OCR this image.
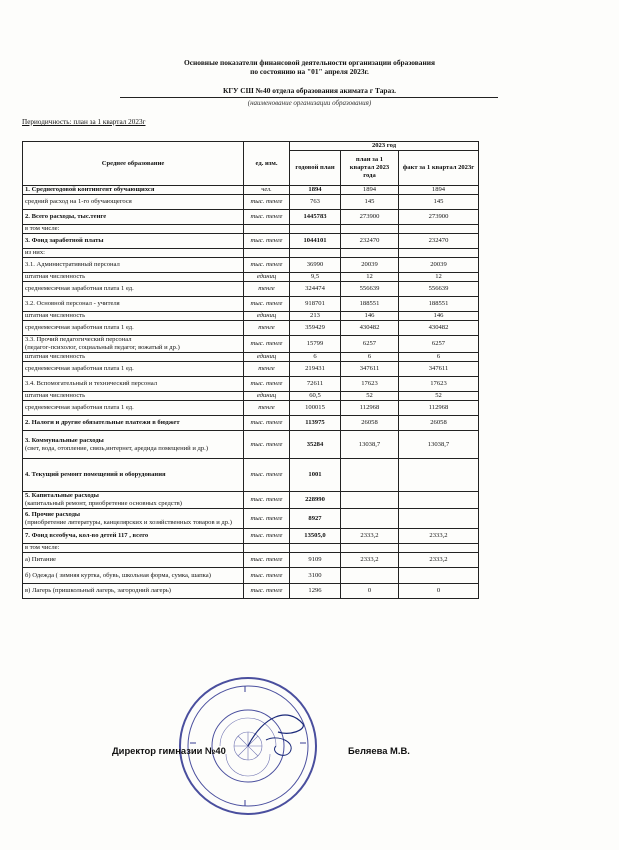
Основные показатели финансовой деятельности организации образования
по состоянию на "01" апреля 2023г.
КГУ СШ №40 отдела образования акимата г Тараз.
(наименование организации образования)
Периодичность: план за 1 квартал 2023г
Среднее образование	ед. изм.	2023 год		
		годовой план	план за 1 квартал 2023 года	факт за 1 квартал 2023г
1. Среднегодовой контингент обучающихся	чел.	1894	1894	1894
средний расход на 1-го обучающегося	тыс. тенге	763	145	145
2. Всего расходы, тыс.тенге	тыс. тенге	1445783	273900	273900
в том числе:				
3. Фонд заработной платы	тыс. тенге	1044101	232470	232470
из них:				
3.1. Административный персонал	тыс. тенге	36990	20039	20039
штатная численность	единиц	9,5	12	12
среднемесячная заработная плата 1 ед.	тенге	324474	556639	556639
3.2. Основной персонал - учителя	тыс. тенге	918701	188551	188551
штатная численность	единиц	213	146	146
среднемесячная заработная плата 1 ед.	тенге	359429	430482	430482
3.3. Прочий педагогический персонал
(педагог-психолог, социальный педагог, вожатый и др.)	тыс. тенге	15799	6257	6257
штатная численность	единиц	6	6	6
среднемесячная заработная плата 1 ед.	тенге	219431	347611	347611
3.4. Вспомогательный и технический персонал	тыс. тенге	72611	17623	17623
штатная численность	единиц	60,5	52	52
среднемесячная заработная плата 1 ед.	тенге	100015	112968	112968
2. Налоги и другие обязательные платежи в бюджет	тыс. тенге	113975	26058	26058
3. Коммунальные расходы
(свет, вода, отопление, связь,интернет, аредида помещений и др.)	тыс. тенге	35284	13038,7	13038,7
4. Текущий ремонт помещений и оборудования	тыс. тенге	1001		
5. Капитальные расходы
(капитальный ремонт, приобретение основных средств)	тыс. тенге	228990		
6. Прочие расходы
(приобретение литературы, канцелярских и хозяйственных товаров и др.)	тыс. тенге	8927		
7. Фонд всеобуча, кол-во детей 117 , всего	тыс. тенге	13505,0	2333,2	2333,2
в том числе:				
а) Питание	тыс. тенге	9109	2333,2	2333,2
б) Одежда ( зимняя куртка, обувь, школьная форма, сумка, шапка)	тыс. тенге	3100		
в) Лагерь (пришкольный лагерь, загородний лагерь)	тыс. тенге	1296	0	0
Директор гимназии №40	Беляева М.В.
